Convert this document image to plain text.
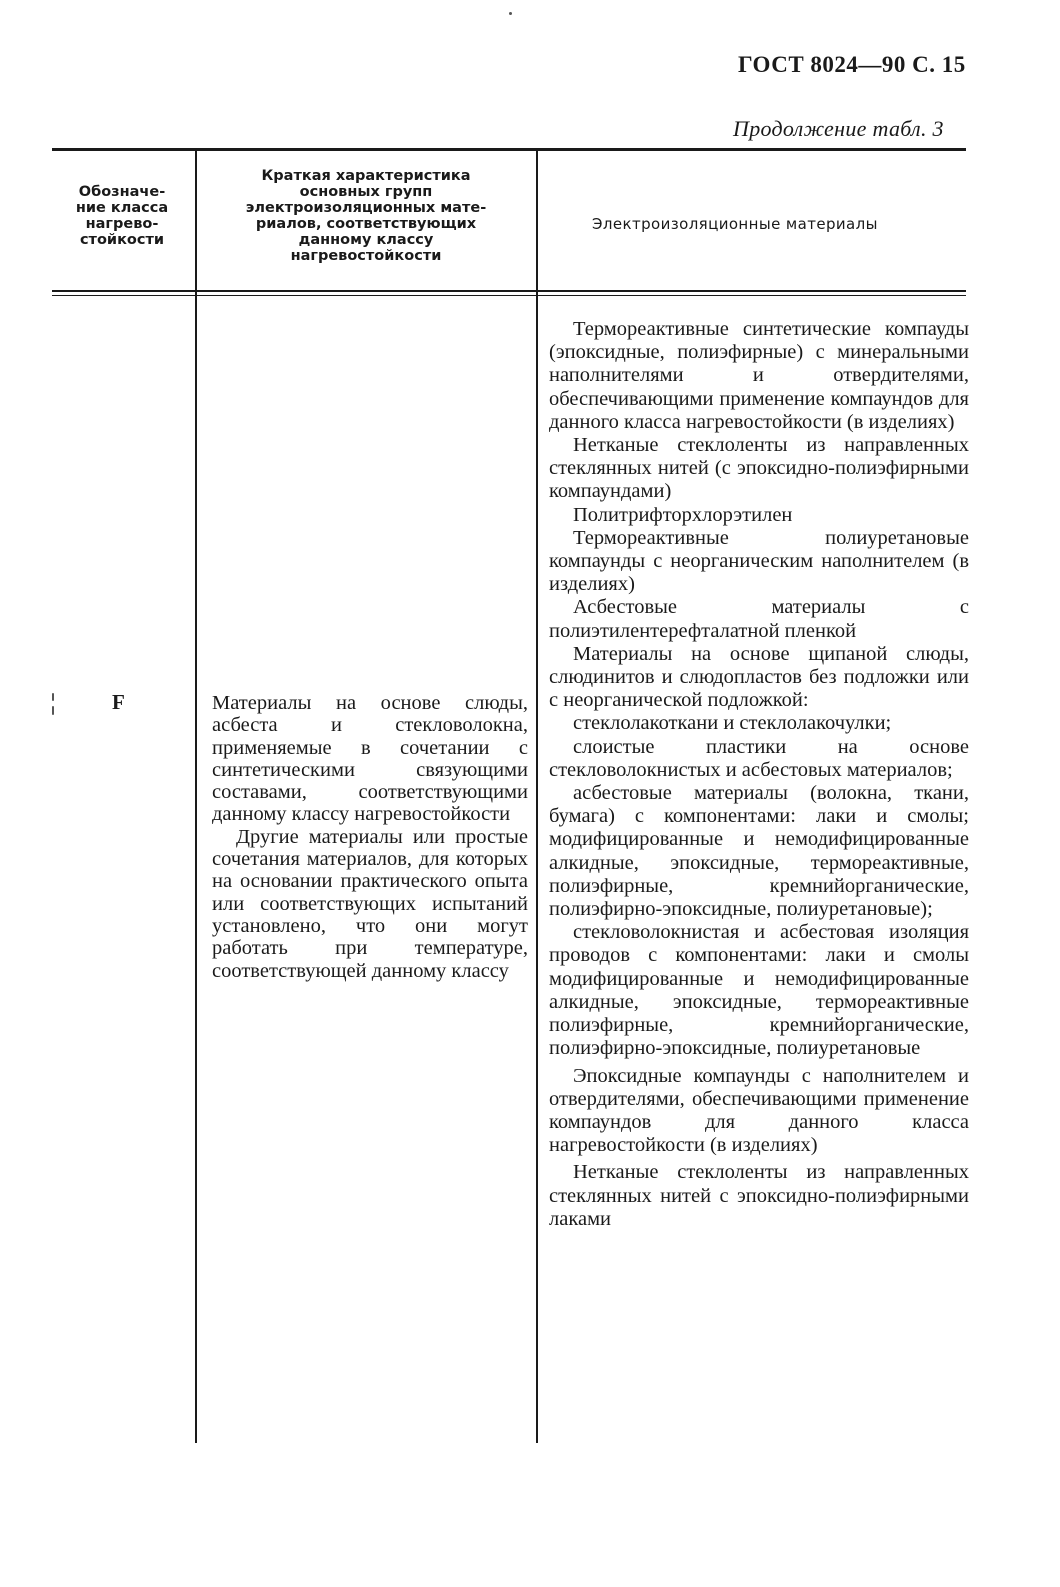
ГОСТ 8024—90 С. 15
Продолжение табл. 3
Обозначе-
ние класса
нагрево-
стойкости
Краткая характеристика
основных групп
электроизоляционных мате-
риалов, соответствующих
данному классу
нагревостойкости
Электроизоляционные материалы
F	Материалы на основе слюды, асбеста и стекловолокна, применяемые в сочетании с синтетическими связующими составами, соответствующими данному классу нагревостойкости

Другие материалы или простые сочетания материалов, для которых на основании практического опыта или соответствующих испытаний установлено, что они могут работать при температуре, соответствующей данному классу

Термореактивные синтетические компауды (эпоксидные, полиэфирные) с минеральными наполнителями и отвердителями, обеспечивающими применение компаундов для данного класса нагревостойкости (в изделиях)

Нетканые стеклоленты из направленных стеклянных нитей (с эпоксидно-полиэфирными компаундами)

Политрифторхлорэтилен

Термореактивные полиуретановые компаунды с неорганическим наполнителем (в изделиях)

Асбестовые материалы с полиэтилентерефталатной пленкой

Материалы на основе щипаной слюды, слюдинитов и слюдопластов без подложки или с неорганической подложкой:

стеклолакоткани и стеклолакочулки;

слоистые пластики на основе стекловолокнистых и асбестовых материалов;

асбестовые материалы (волокна, ткани, бумага) с компонентами: лаки и смолы; модифицированные и немодифицированные алкидные, эпоксидные, термореактивные, полиэфирные, кремнийорганические, полиэфирно-эпоксидные, полиуретановые);

стекловолокнистая и асбестовая изоляция проводов с компонентами: лаки и смолы модифицированные и немодифицированные алкидные, эпоксидные, термореактивные полиэфирные, кремнийорганические, полиэфирно-эпоксидные, полиуретановые

Эпоксидные компаунды с наполнителем и отвердителями, обеспечивающими применение компаундов для данного класса нагревостойкости (в изделиях)

Нетканые стеклоленты из направленных стеклянных нитей с эпоксидно-полиэфирными лаками
